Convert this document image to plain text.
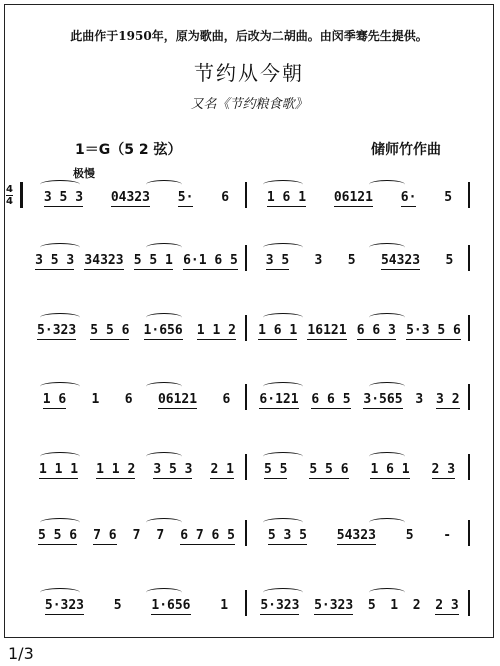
此曲作于1950年，原为歌曲，后改为二胡曲。由闵季骞先生提供。
节约从今朝
又名《节约粮食歌》
1＝G（5 2 弦）	储师竹作曲
极慢
4
4 3 5 3 04323 5· 6	1 6 1 06121 6· 5
3 5 3 34323 5 5 1 6·1 6 5 3 5 3 5 54323 5
5·323 5 5 6 1·656 1 1 2 1 6 1 16121 6 6 3 5·3 5 6
1 6 1 6 06121 6 6·121 6 6 5 3·565 3 3 2
1 1 1 1 1 2 3 5 3 2 1 5 5 5 5 6 1 6 1 2 3
5 5 6 7 6 7 7 6 7 6 5	5 3 5 54323 5 -
5·323 5 1·656 1 5·323 5·323 5 1 2 2 3
1/3
